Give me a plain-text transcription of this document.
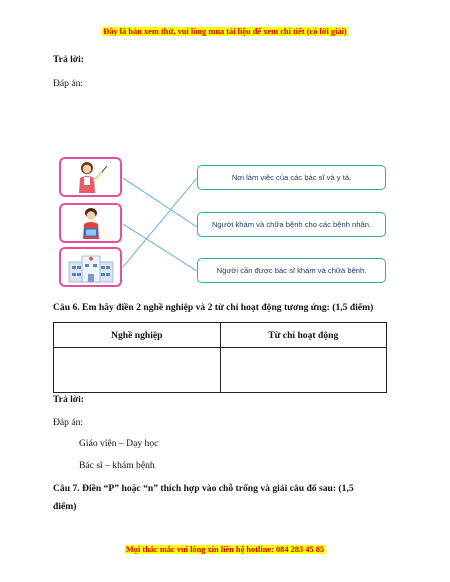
Đây là bản xem thử, vui lòng mua tài liệu để xem chi tiết (có lời giải)
Trả lời:
Đáp án:
Nơi làm việc của các bác sĩ và y tá.
Người khám và chữa bệnh cho các bệnh nhân.
Người cần được bác sĩ khám và chữa bệnh.
Câu 6. Em hãy điền 2 nghề nghiệp và 2 từ chỉ hoạt động tương ứng: (1,5 điểm)
Nghề nghiệp	Từ chỉ hoạt động

Trả lời:
Đáp án:
Giáo viên – Dạy học
Bác sĩ – khám bệnh
Câu 7. Điền “P” hoặc “n” thích hợp vào chỗ trống và giải câu đố sau: (1,5
điểm)
Mọi thắc mắc vui lòng xin liên hệ hotline: 084 283 45 85
